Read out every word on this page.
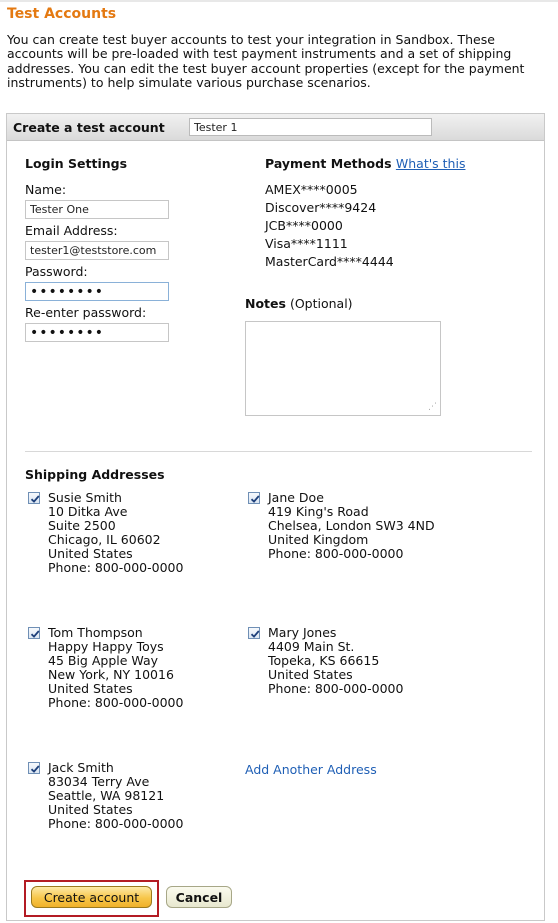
Test Accounts
You can create test buyer accounts to test your integration in Sandbox. These accounts will be pre-loaded with test payment instruments and a set of shipping addresses. You can edit the test buyer account properties (except for the payment instruments) to help simulate various purchase scenarios.
Create a test account
Tester 1
Login Settings
Name:
Tester One
Email Address:
tester1@teststore.com
Password:
Re-enter password:
Payment Methods What's this
AMEX****0005
Discover****9424
JCB****0000
Visa****1111
MasterCard****4444
Notes (Optional)
⋰
Shipping Addresses
Susie Smith
10 Ditka Ave
Suite 2500
Chicago, IL 60602
United States
Phone: 800-000-0000
Jane Doe
419 King's Road
Chelsea, London SW3 4ND
United Kingdom
Phone: 800-000-0000
Tom Thompson
Happy Happy Toys
45 Big Apple Way
New York, NY 10016
United States
Phone: 800-000-0000
Mary Jones
4409 Main St.
Topeka, KS 66615
United States
Phone: 800-000-0000
Jack Smith
83034 Terry Ave
Seattle, WA 98121
United States
Phone: 800-000-0000
Add Another Address
Create account	Cancel
